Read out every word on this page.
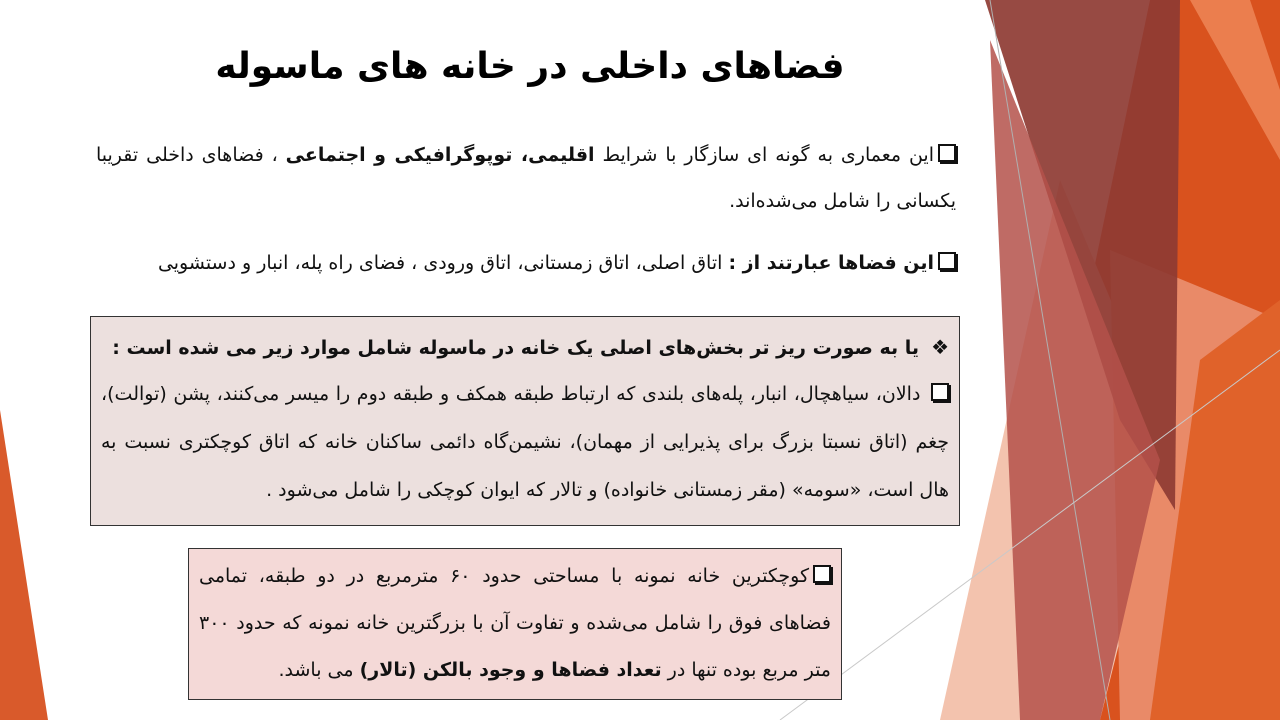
فضاهای داخلی در خانه های ماسوله
این معماری به گونه ای سازگار با شرایط اقلیمی، توپوگرافیکی و اجتماعی ، فضاهای داخلی تقریبا یکسانی را شامل می‌شده‌اند.
این فضاها عبارتند از : اتاق اصلی، اتاق زمستانی، اتاق ورودی ، فضای راه پله، انبار و دستشویی
❖یا به صورت ریز تر بخش‌های اصلی یک خانه در ماسوله شامل موارد زیر می شده است :
دالان، سیاهچال، انبار، پله‌های بلندی که ارتباط طبقه همکف و طبقه دوم را میسر می‌کنند، پشن (توالت)، چغم (اتاق نسبتا بزرگ برای پذیرایی از مهمان)، نشیمن‌گاه دائمی ساکنان خانه که اتاق کوچکتری نسبت به هال است، «سومه» (مقر زمستانی خانواده) و تالار که ایوان کوچکی را شامل می‌شود .
کوچکترین خانه نمونه با مساحتی حدود ۶۰ مترمربع در دو طبقه، تمامی فضاهای فوق را شامل می‌شده و تفاوت آن با بزرگترین خانه نمونه که حدود ۳۰۰ متر مربع بوده تنها در تعداد فضاها و وجود بالکن (تالار) می باشد.
